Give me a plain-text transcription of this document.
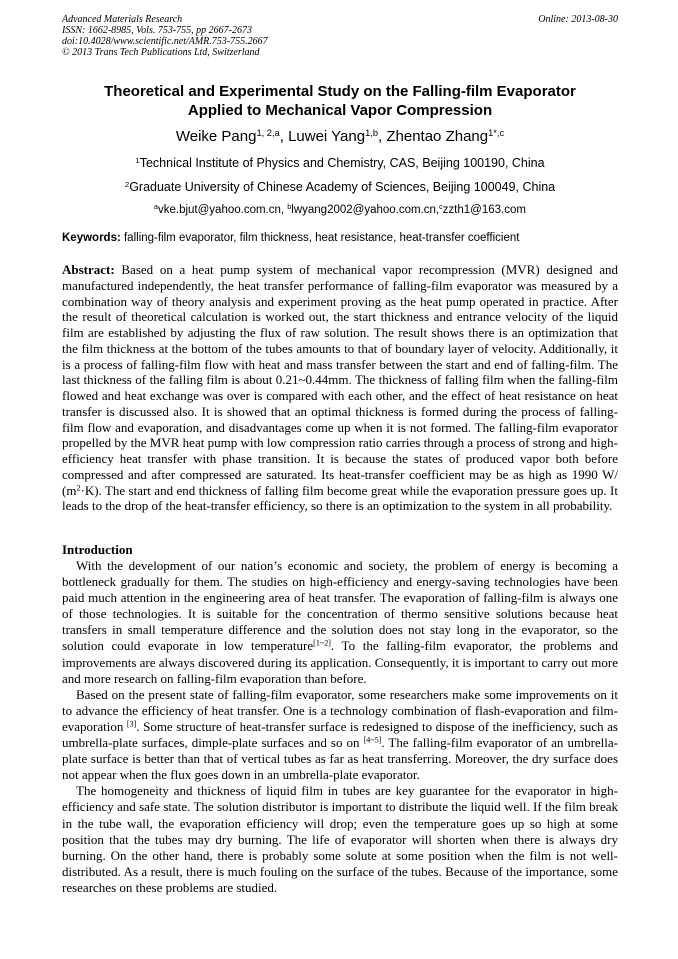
Advanced Materials Research
ISSN: 1662-8985, Vols. 753-755, pp 2667-2673
doi:10.4028/www.scientific.net/AMR.753-755.2667
© 2013 Trans Tech Publications Ltd, Switzerland
Online: 2013-08-30
Theoretical and Experimental Study on the Falling-film Evaporator
Applied to Mechanical Vapor Compression
Weike Pang$^{1, 2,a}$, Luwei Yang$^{1,b}$, Zhentao Zhang$^{1*,c}$
$^1$Technical Institute of Physics and Chemistry, CAS, Beijing 100190, China
$^2$Graduate University of Chinese Academy of Sciences, Beijing 100049, China
$^a$vke.bjut@yahoo.com.cn, $^b$lwyang2002@yahoo.com.cn,$^c$zzth1@163.com
Keywords: falling-film evaporator, film thickness, heat resistance, heat-transfer coefficient
Abstract: Based on a heat pump system of mechanical vapor recompression (MVR) designed and manufactured independently, the heat transfer performance of falling-film evaporator was measured by a combination way of theory analysis and experiment proving as the heat pump operated in practice. After the result of theoretical calculation is worked out, the start thickness and entrance velocity of the liquid film are established by adjusting the flux of raw solution. The result shows there is an optimization that the film thickness at the bottom of the tubes amounts to that of boundary layer of velocity. Additionally, it is a process of falling-film flow with heat and mass transfer between the start and end of falling-film. The last thickness of the falling film is about 0.21~0.44mm. The thickness of falling film when the falling-film flowed and heat exchange was over is compared with each other, and the effect of heat resistance on heat transfer is discussed also. It is showed that an optimal thickness is formed during the process of falling-film flow and evaporation, and disadvantages come up when it is not formed. The falling-film evaporator propelled by the MVR heat pump with low compression ratio carries through a process of strong and high-efficiency heat transfer with phase transition. It is because the states of produced vapor both before compressed and after compressed are saturated. Its heat-transfer coefficient may be as high as 1990 W/ $(m^2\cdot K)$. The start and end thickness of falling film become great while the evaporation pressure goes up. It leads to the drop of the heat-transfer efficiency, so there is an optimization to the system in all probability.
Introduction

With the development of our nation’s economic and society, the problem of energy is becoming a bottleneck gradually for them. The studies on high-efficiency and energy-saving technologies have been paid much attention in the engineering area of heat transfer. The evaporation of falling-film is always one of those technologies. It is suitable for the concentration of thermo sensitive solutions because heat transfers in small temperature difference and the solution does not stay long in the evaporator, so the solution could evaporate in low temperature[1~2]. To the falling-film evaporator, the problems and improvements are always discovered during its application. Consequently, it is important to carry out more and more research on falling-film evaporation than before.

Based on the present state of falling-film evaporator, some researchers make some improvements on it to advance the efficiency of heat transfer. One is a technology combination of flash-evaporation and film-evaporation [3]. Some structure of heat-transfer surface is redesigned to dispose of the inefficiency, such as umbrella-plate surfaces, dimple-plate surfaces and so on [4~5]. The falling-film evaporator of an umbrella-plate surface is better than that of vertical tubes as far as heat transferring. Moreover, the dry surface does not appear when the flux goes down in an umbrella-plate evaporator.

The homogeneity and thickness of liquid film in tubes are key guarantee for the evaporator in high-efficiency and safe state. The solution distributor is important to distribute the liquid well. If the film break in the tube wall, the evaporation efficiency will drop; even the temperature goes up so high at some position that the tubes may dry burning. The life of evaporator will shorten when there is always dry burning. On the other hand, there is probably some solute at some position when the film is not well-distributed. As a result, there is much fouling on the surface of the tubes. Because of the importance, some researches on these problems are studied.
